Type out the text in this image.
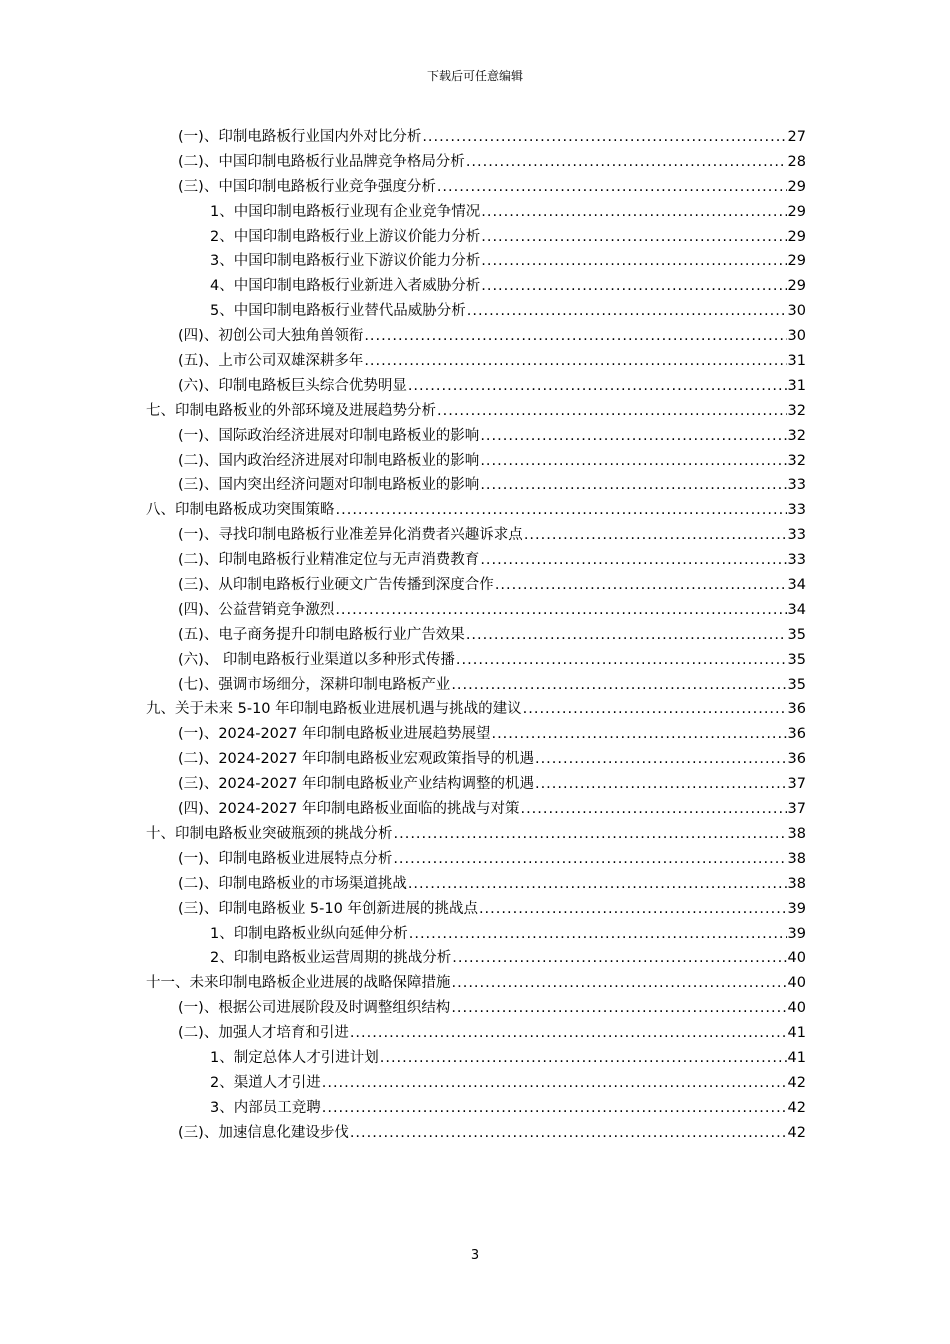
下载后可任意编辑
(一)、印制电路板行业国内外对比分析 .....	27
(二)、中国印制电路板行业品牌竞争格局分析 .....	28
(三)、中国印制电路板行业竞争强度分析 .....	29
1、中国印制电路板行业现有企业竞争情况 .....	29
2、中国印制电路板行业上游议价能力分析 .....	29
3、中国印制电路板行业下游议价能力分析 .....	29
4、中国印制电路板行业新进入者威胁分析 .....	29
5、中国印制电路板行业替代品威胁分析 .....	30
(四)、初创公司大独角兽领衔 .....	30
(五)、上市公司双雄深耕多年 .....	31
(六)、印制电路板巨头综合优势明显 .....	31
七、印制电路板业的外部环境及进展趋势分析 .....	32
(一)、国际政治经济进展对印制电路板业的影响 .....	32
(二)、国内政治经济进展对印制电路板业的影响 .....	32
(三)、国内突出经济问题对印制电路板业的影响 .....	33
八、印制电路板成功突围策略 .....	33
(一)、寻找印制电路板行业准差异化消费者兴趣诉求点 .....	33
(二)、印制电路板行业精准定位与无声消费教育 .....	33
(三)、从印制电路板行业硬文广告传播到深度合作 .....	34
(四)、公益营销竞争激烈 .....	34
(五)、电子商务提升印制电路板行业广告效果 .....	35
(六)、 印制电路板行业渠道以多种形式传播 .....	35
(七)、强调市场细分，深耕印制电路板产业 .....	35
九、关于未来 5-10 年印制电路板业进展机遇与挑战的建议 .....	36
(一)、2024-2027 年印制电路板业进展趋势展望 .....	36
(二)、2024-2027 年印制电路板业宏观政策指导的机遇 .....	36
(三)、2024-2027 年印制电路板业产业结构调整的机遇 .....	37
(四)、2024-2027 年印制电路板业面临的挑战与对策 .....	37
十、印制电路板业突破瓶颈的挑战分析 .....	38
(一)、印制电路板业进展特点分析 .....	38
(二)、印制电路板业的市场渠道挑战 .....	38
(三)、印制电路板业 5-10 年创新进展的挑战点 .....	39
1、印制电路板业纵向延伸分析 .....	39
2、印制电路板业运营周期的挑战分析 .....	40
十一、未来印制电路板企业进展的战略保障措施 .....	40
(一)、根据公司进展阶段及时调整组织结构 .....	40
(二)、加强人才培育和引进 .....	41
1、制定总体人才引进计划 .....	41
2、渠道人才引进 .....	42
3、内部员工竞聘 .....	42
(三)、加速信息化建设步伐 .....	42
3
